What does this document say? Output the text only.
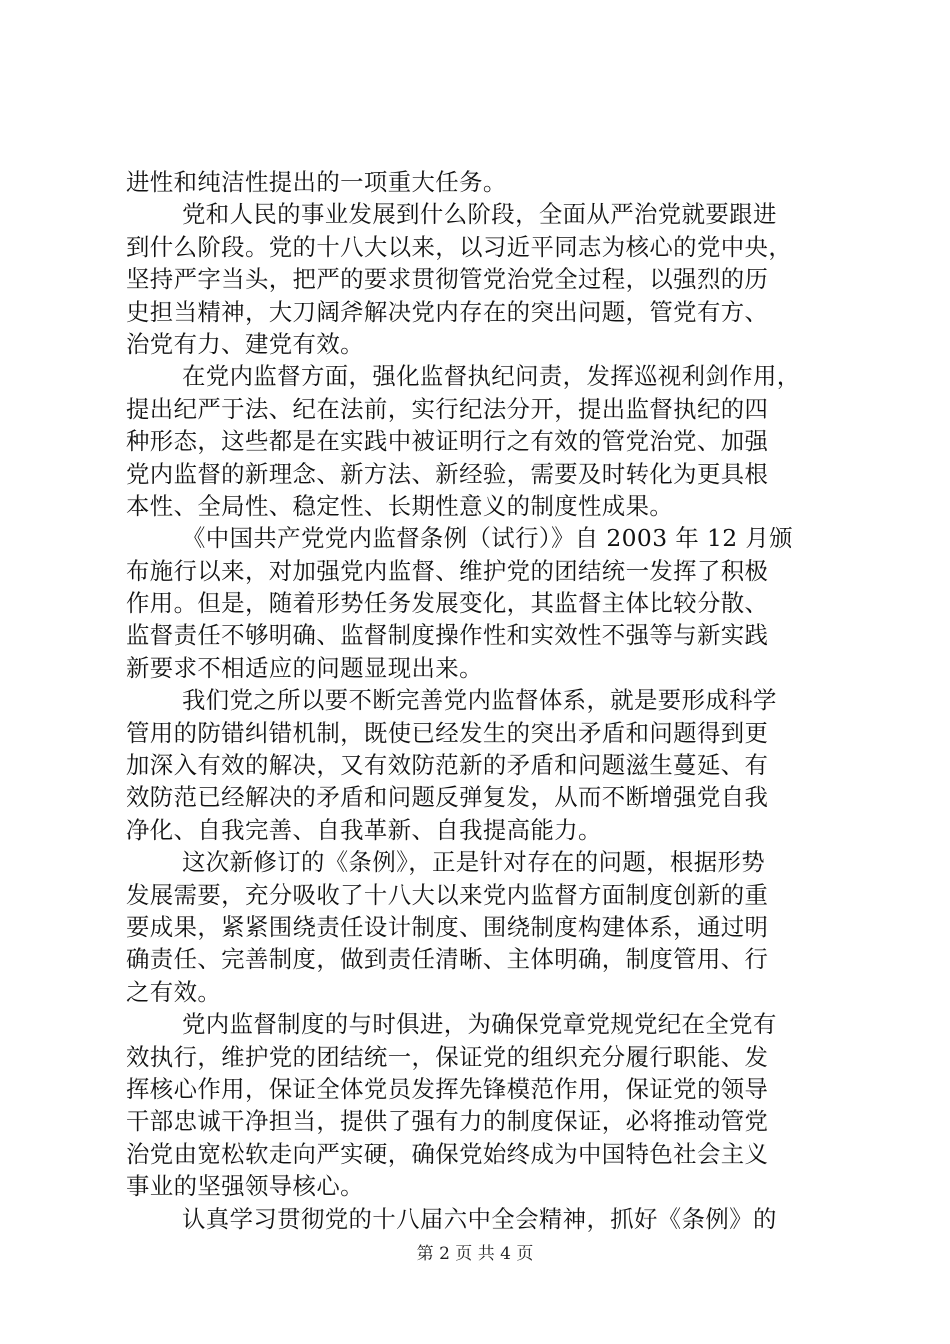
进性和纯洁性提出的一项重大任务。
党和人民的事业发展到什么阶段，全面从严治党就要跟进
到什么阶段。党的十八大以来，以习近平同志为核心的党中央，
坚持严字当头，把严的要求贯彻管党治党全过程，以强烈的历
史担当精神，大刀阔斧解决党内存在的突出问题，管党有方、
治党有力、建党有效。
在党内监督方面，强化监督执纪问责，发挥巡视利剑作用，
提出纪严于法、纪在法前，实行纪法分开，提出监督执纪的四
种形态，这些都是在实践中被证明行之有效的管党治党、加强
党内监督的新理念、新方法、新经验，需要及时转化为更具根
本性、全局性、稳定性、长期性意义的制度性成果。
《中国共产党党内监督条例（试行）》自 2003 年 12 月颁
布施行以来，对加强党内监督、维护党的团结统一发挥了积极
作用。但是，随着形势任务发展变化，其监督主体比较分散、
监督责任不够明确、监督制度操作性和实效性不强等与新实践
新要求不相适应的问题显现出来。
我们党之所以要不断完善党内监督体系，就是要形成科学
管用的防错纠错机制，既使已经发生的突出矛盾和问题得到更
加深入有效的解决，又有效防范新的矛盾和问题滋生蔓延、有
效防范已经解决的矛盾和问题反弹复发，从而不断增强党自我
净化、自我完善、自我革新、自我提高能力。
这次新修订的《条例》，正是针对存在的问题，根据形势
发展需要，充分吸收了十八大以来党内监督方面制度创新的重
要成果，紧紧围绕责任设计制度、围绕制度构建体系，通过明
确责任、完善制度，做到责任清晰、主体明确，制度管用、行
之有效。
党内监督制度的与时俱进，为确保党章党规党纪在全党有
效执行，维护党的团结统一，保证党的组织充分履行职能、发
挥核心作用，保证全体党员发挥先锋模范作用，保证党的领导
干部忠诚干净担当，提供了强有力的制度保证，必将推动管党
治党由宽松软走向严实硬，确保党始终成为中国特色社会主义
事业的坚强领导核心。
认真学习贯彻党的十八届六中全会精神，抓好《条例》的
第 2 页 共 4 页
